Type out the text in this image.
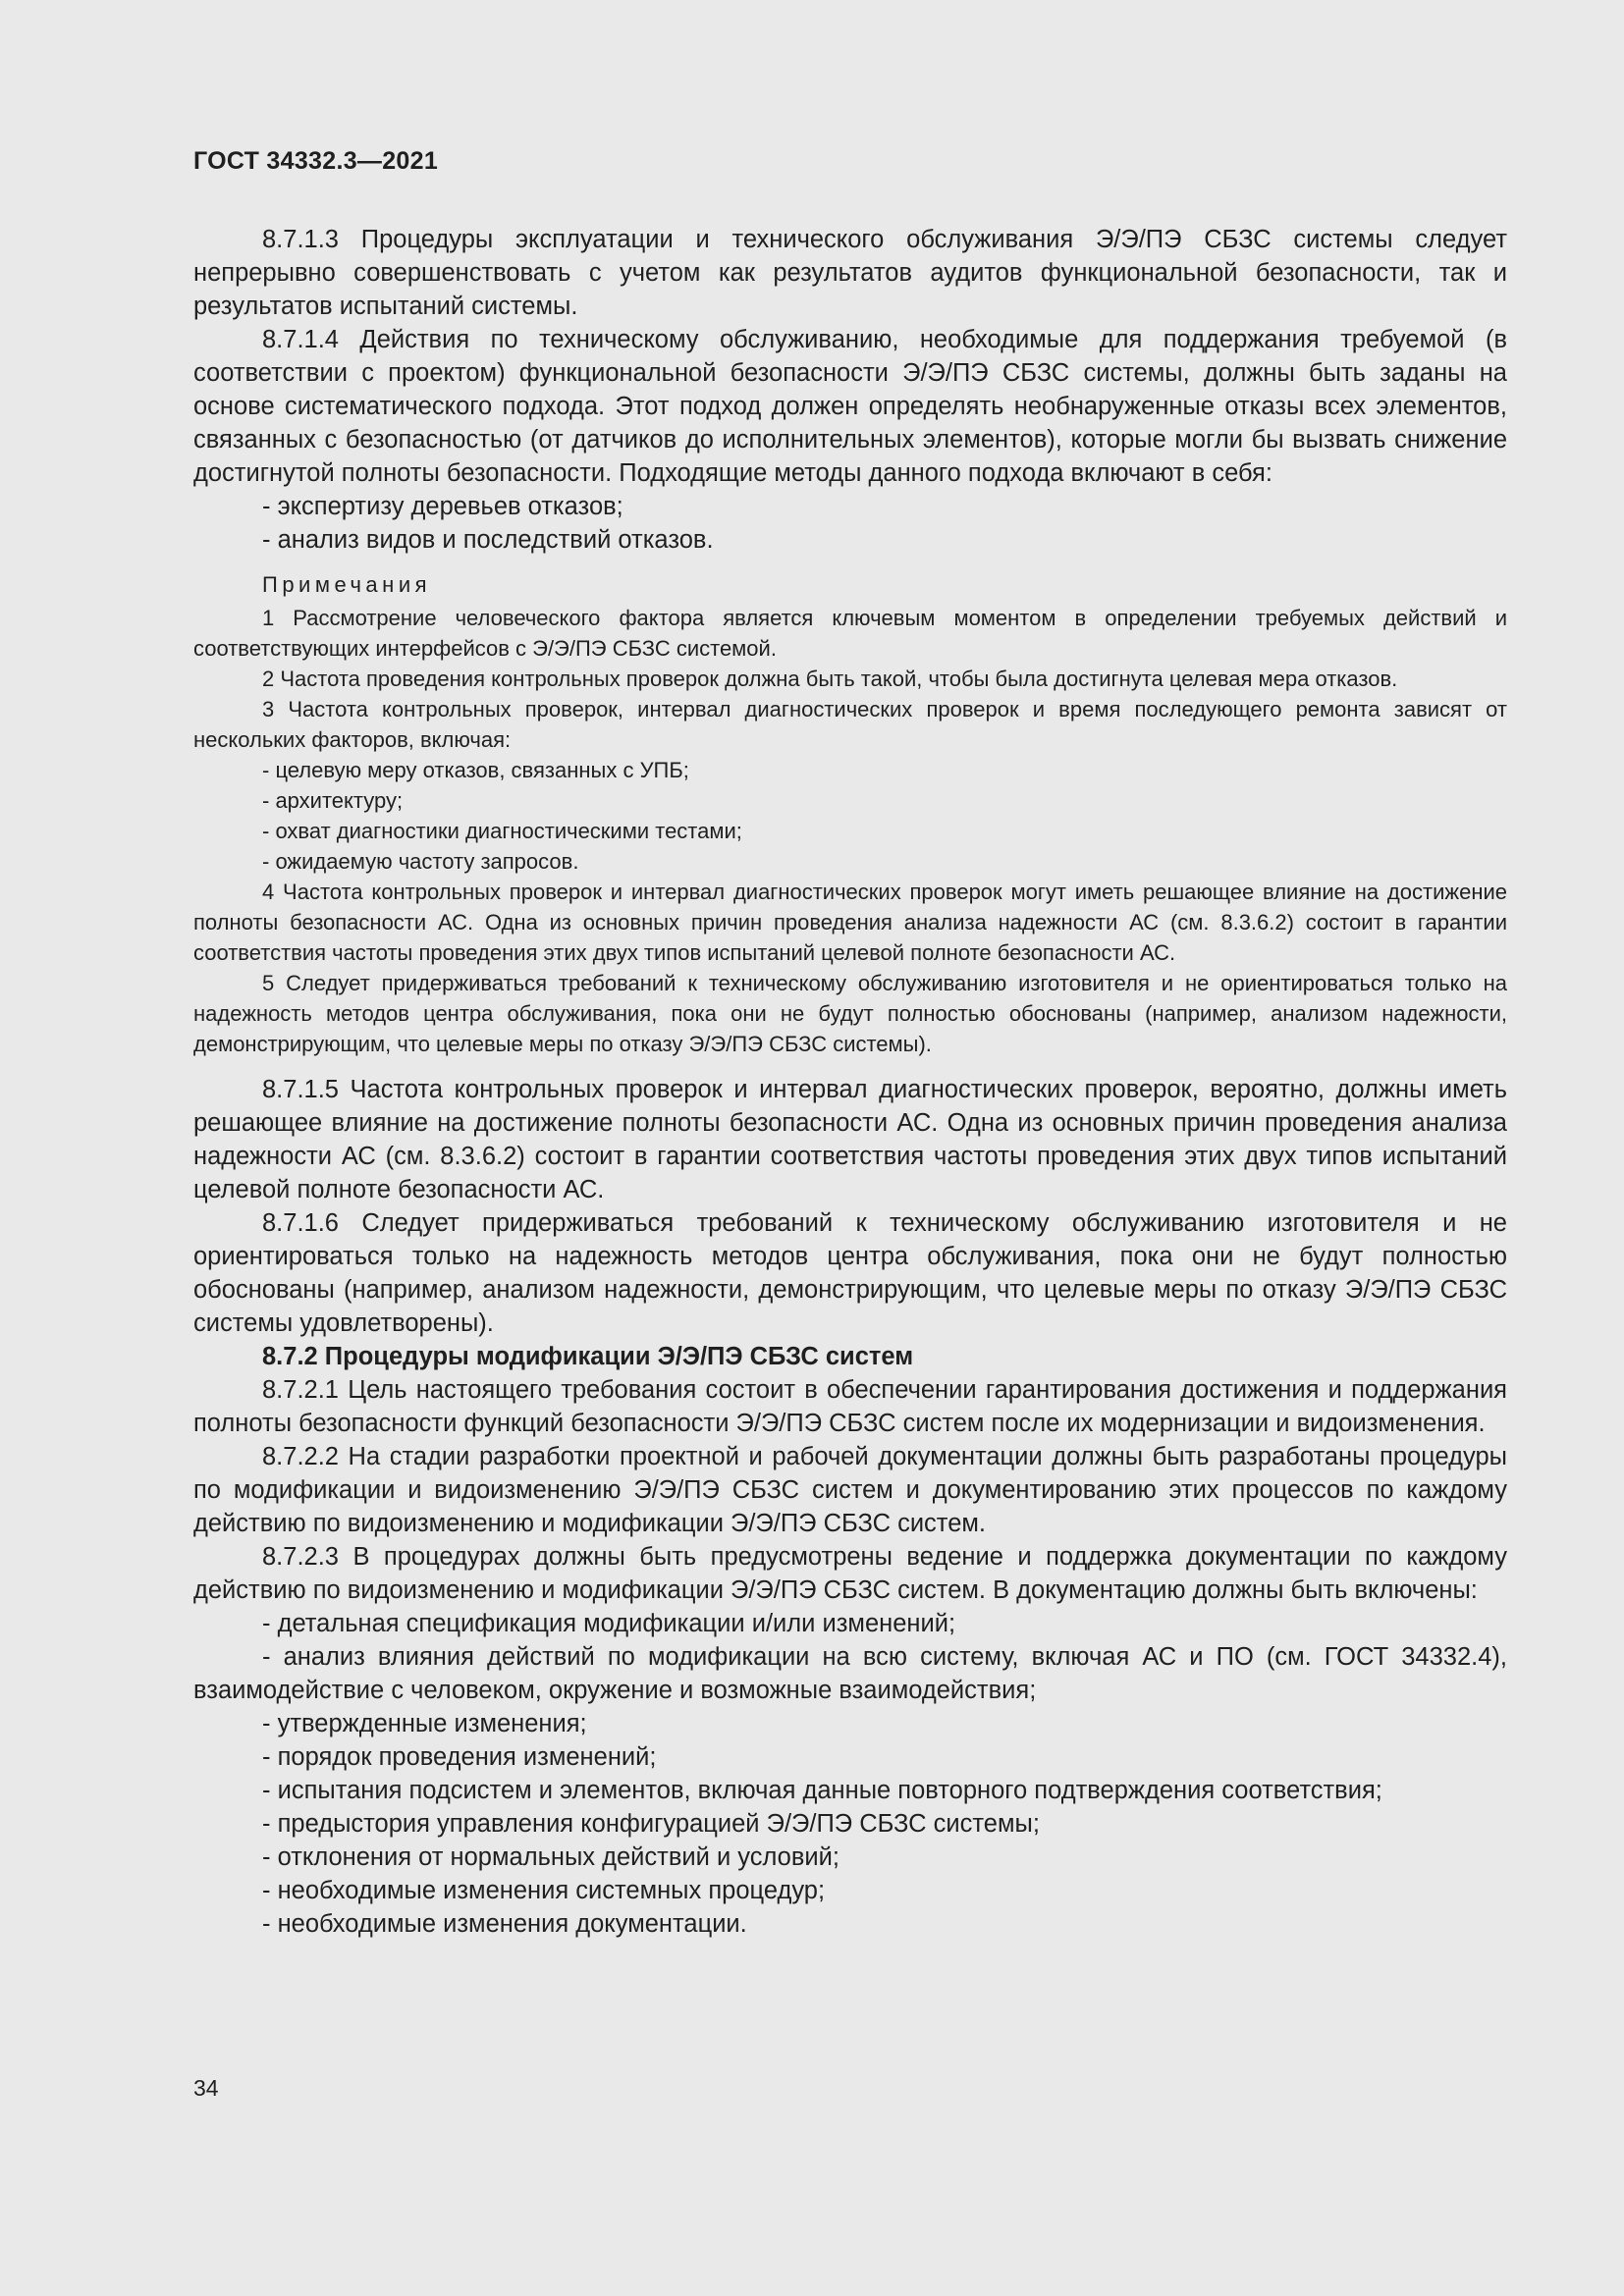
ГОСТ 34332.3—2021

8.7.1.3 Процедуры эксплуатации и технического обслуживания Э/Э/ПЭ СБЗС системы следует непрерывно совершенствовать с учетом как результатов аудитов функциональной безопасности, так и результатов испытаний системы.

8.7.1.4 Действия по техническому обслуживанию, необходимые для поддержания требуемой (в соответствии с проектом) функциональной безопасности Э/Э/ПЭ СБЗС системы, должны быть заданы на основе систематического подхода. Этот подход должен определять необнаруженные отказы всех элементов, связанных с безопасностью (от датчиков до исполнительных элементов), которые могли бы вызвать снижение достигнутой полноты безопасности. Подходящие методы данного подхода включают в себя:

- экспертизу деревьев отказов;

- анализ видов и последствий отказов.

Примечания

1 Рассмотрение человеческого фактора является ключевым моментом в определении требуемых действий и соответствующих интерфейсов с Э/Э/ПЭ СБЗС системой.

2 Частота проведения контрольных проверок должна быть такой, чтобы была достигнута целевая мера отказов.

3 Частота контрольных проверок, интервал диагностических проверок и время последующего ремонта зависят от нескольких факторов, включая:

- целевую меру отказов, связанных с УПБ;

- архитектуру;

- охват диагностики диагностическими тестами;

- ожидаемую частоту запросов.

4 Частота контрольных проверок и интервал диагностических проверок могут иметь решающее влияние на достижение полноты безопасности АС. Одна из основных причин проведения анализа надежности АС (см. 8.3.6.2) состоит в гарантии соответствия частоты проведения этих двух типов испытаний целевой полноте безопасности АС.

5 Следует придерживаться требований к техническому обслуживанию изготовителя и не ориентироваться только на надежность методов центра обслуживания, пока они не будут полностью обоснованы (например, анализом надежности, демонстрирующим, что целевые меры по отказу Э/Э/ПЭ СБЗС системы).

8.7.1.5 Частота контрольных проверок и интервал диагностических проверок, вероятно, должны иметь решающее влияние на достижение полноты безопасности АС. Одна из основных причин проведения анализа надежности АС (см. 8.3.6.2) состоит в гарантии соответствия частоты проведения этих двух типов испытаний целевой полноте безопасности АС.

8.7.1.6 Следует придерживаться требований к техническому обслуживанию изготовителя и не ориентироваться только на надежность методов центра обслуживания, пока они не будут полностью обоснованы (например, анализом надежности, демонстрирующим, что целевые меры по отказу Э/Э/ПЭ СБЗС системы удовлетворены).

8.7.2 Процедуры модификации Э/Э/ПЭ СБЗС систем

8.7.2.1 Цель настоящего требования состоит в обеспечении гарантирования достижения и поддержания полноты безопасности функций безопасности Э/Э/ПЭ СБЗС систем после их модернизации и видоизменения.

8.7.2.2 На стадии разработки проектной и рабочей документации должны быть разработаны процедуры по модификации и видоизменению Э/Э/ПЭ СБЗС систем и документированию этих процессов по каждому действию по видоизменению и модификации Э/Э/ПЭ СБЗС систем.

8.7.2.3 В процедурах должны быть предусмотрены ведение и поддержка документации по каждому действию по видоизменению и модификации Э/Э/ПЭ СБЗС систем. В документацию должны быть включены:

- детальная спецификация модификации и/или изменений;

- анализ влияния действий по модификации на всю систему, включая АС и ПО (см. ГОСТ 34332.4), взаимодействие с человеком, окружение и возможные взаимодействия;

- утвержденные изменения;

- порядок проведения изменений;

- испытания подсистем и элементов, включая данные повторного подтверждения соответствия;

- предыстория управления конфигурацией Э/Э/ПЭ СБЗС системы;

- отклонения от нормальных действий и условий;

- необходимые изменения системных процедур;

- необходимые изменения документации.

34
